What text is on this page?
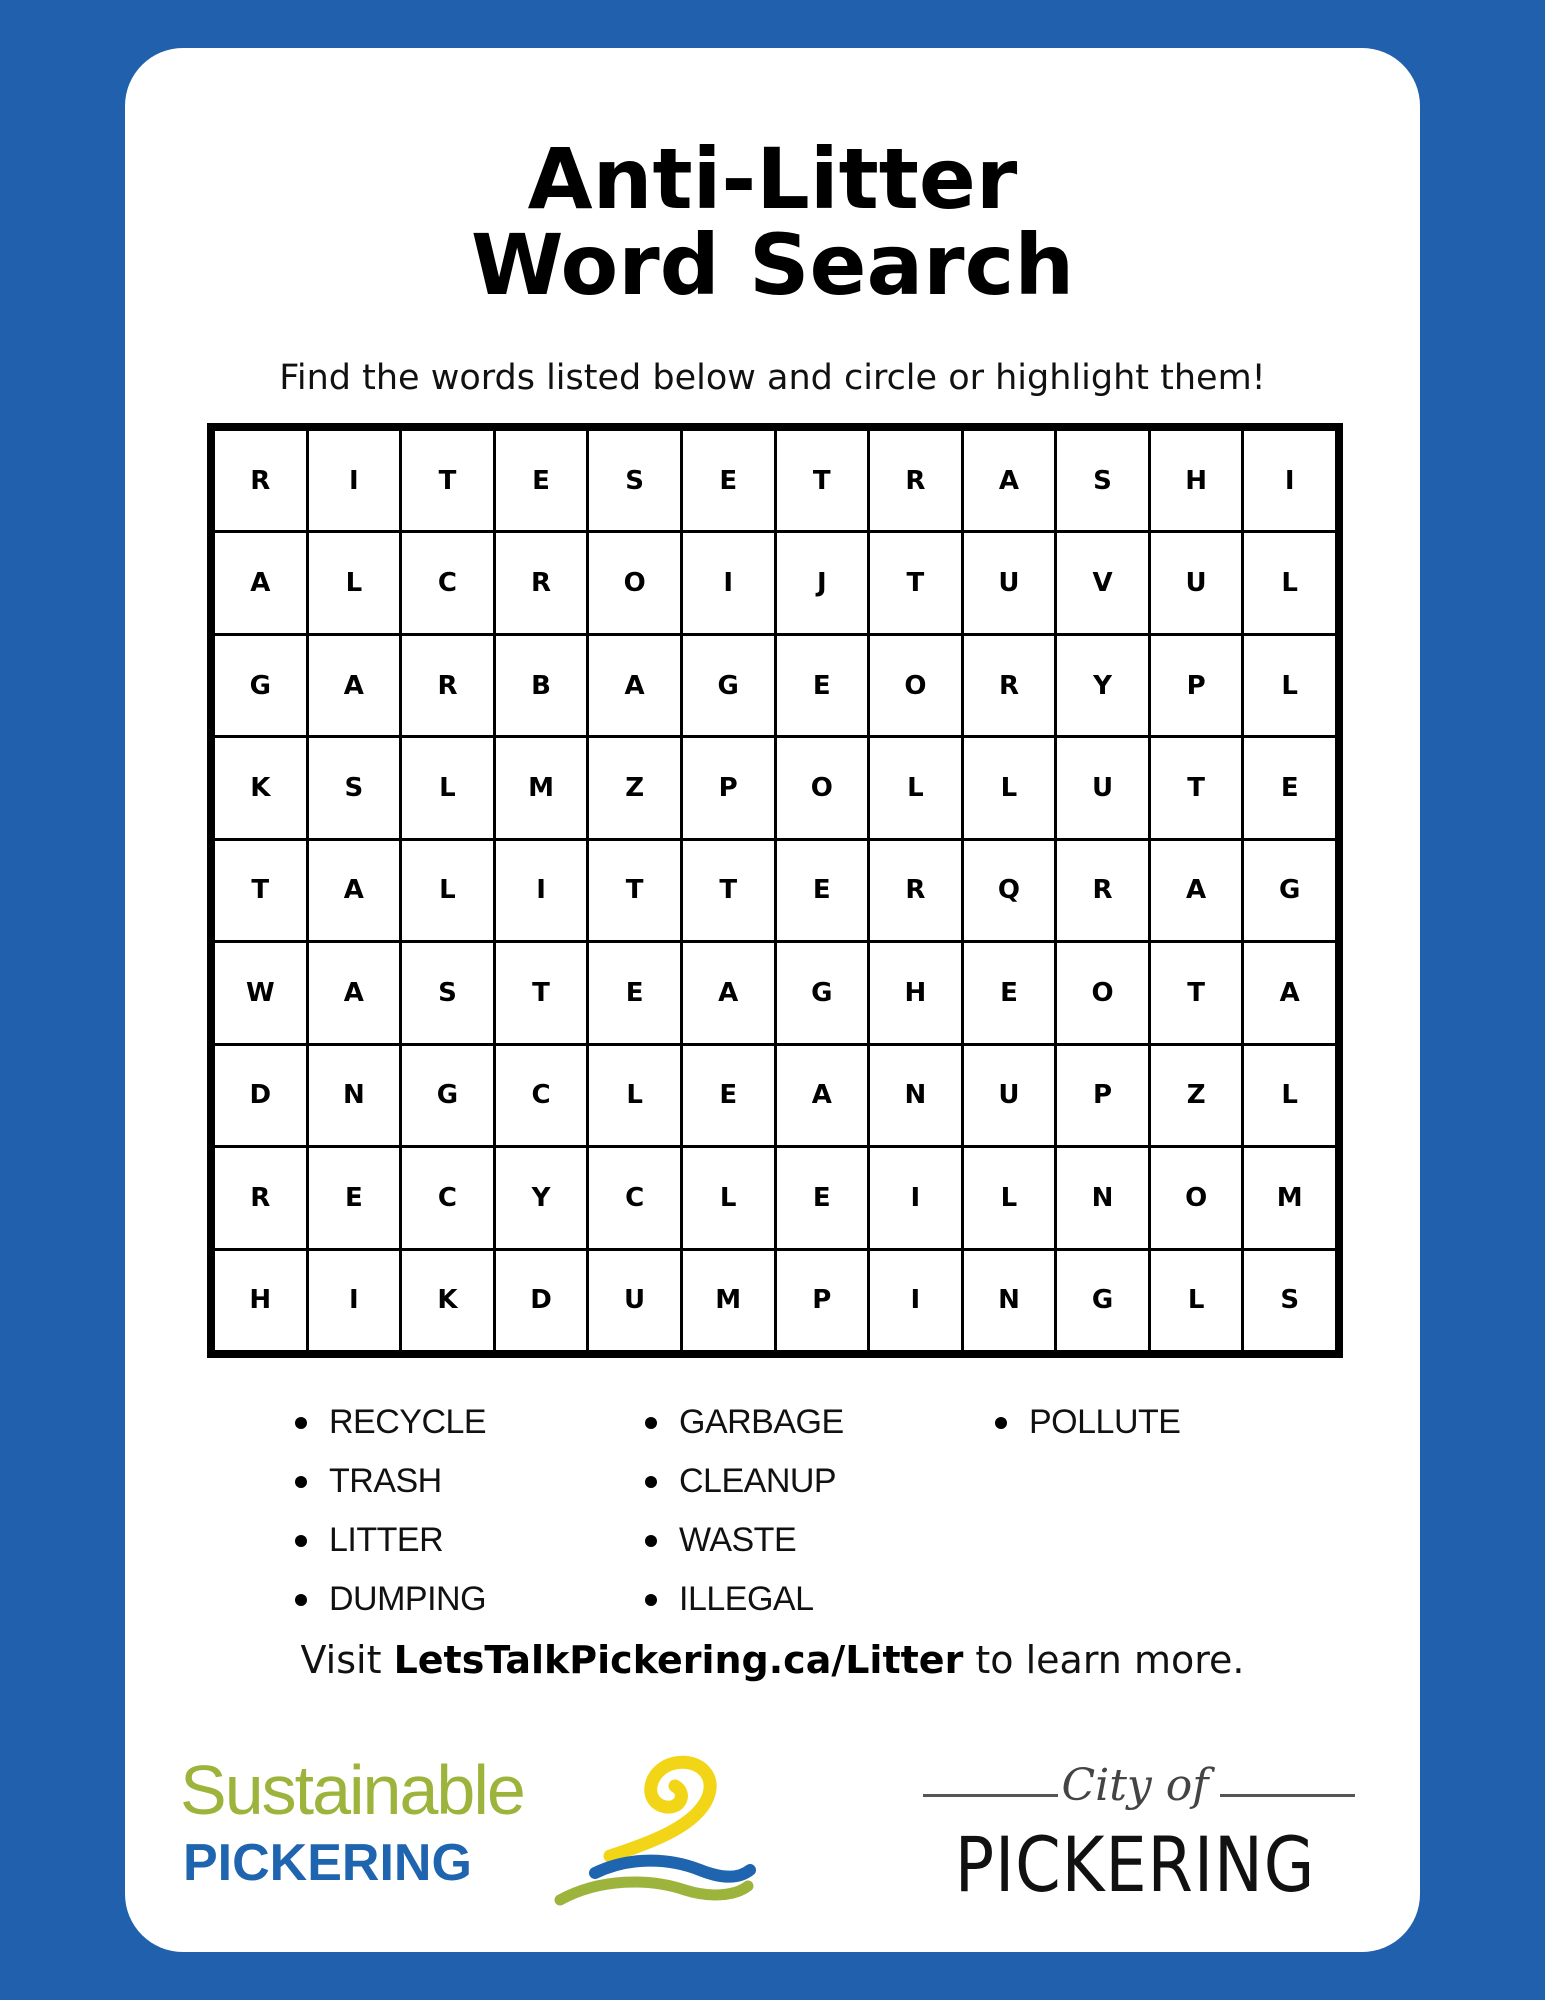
Anti-Litter
Word Search
Find the words listed below and circle or highlight them!
R	I	T	E	S	E	T	R	A	S	H	I
A	L	C	R	O	I	J	T	U	V	U	L
G	A	R	B	A	G	E	O	R	Y	P	L
K	S	L	M	Z	P	O	L	L	U	T	E
T	A	L	I	T	T	E	R	Q	R	A	G
W	A	S	T	E	A	G	H	E	O	T	A
D	N	G	C	L	E	A	N	U	P	Z	L
R	E	C	Y	C	L	E	I	L	N	O	M
H	I	K	D	U	M	P	I	N	G	L	S
RECYCLE
TRASH
LITTER
DUMPING
GARBAGE
CLEANUP
WASTE
ILLEGAL
POLLUTE
Visit LetsTalkPickering.ca/Litter to learn more.
Sustainable
PICKERING
City of
PICKERING
